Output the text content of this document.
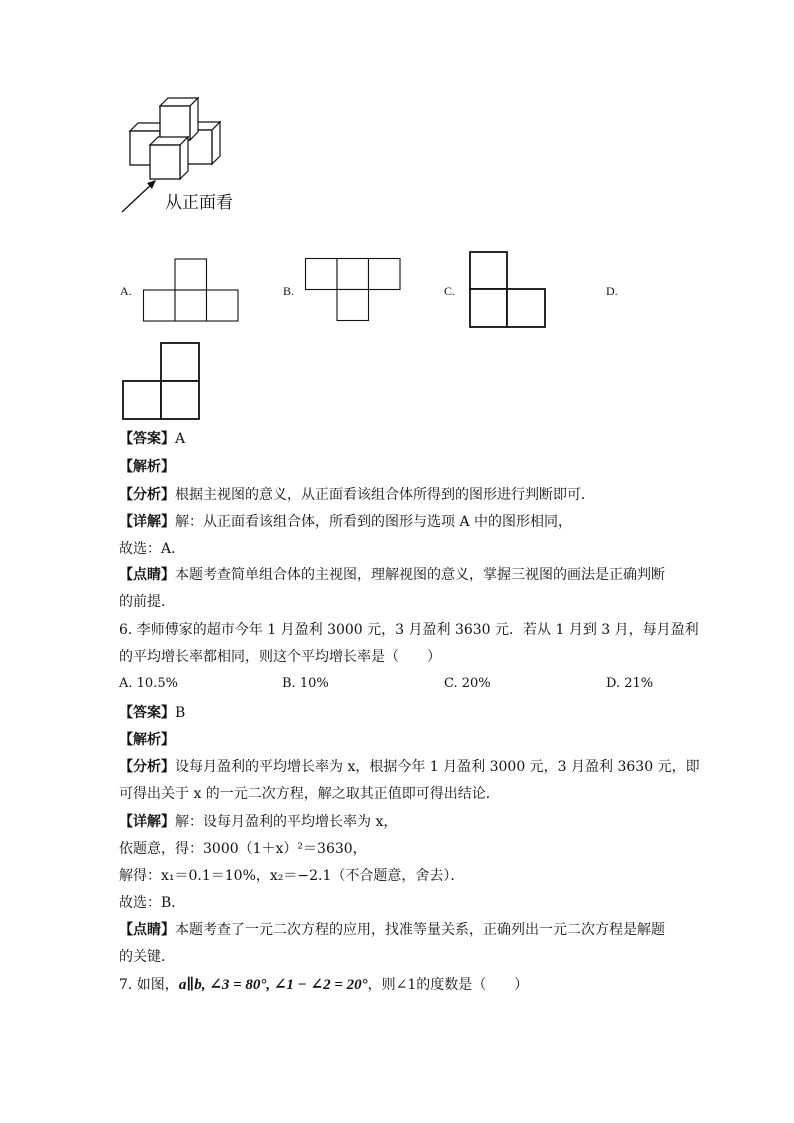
从正面看
A.	B.	C.	D.
【答案】A
【解析】
【分析】根据主视图的意义，从正面看该组合体所得到的图形进行判断即可．
【详解】解：从正面看该组合体，所看到的图形与选项 A 中的图形相同，
故选：A．
【点睛】本题考查简单组合体的主视图，理解视图的意义，掌握三视图的画法是正确判断
的前提．
6. 李师傅家的超市今年 1 月盈利 3000 元，3 月盈利 3630 元．若从 1 月到 3 月，每月盈利
的平均增长率都相同，则这个平均增长率是（　　）
A. 10.5%	B. 10%	C. 20%	D. 21%
【答案】B
【解析】
【分析】设每月盈利的平均增长率为 x，根据今年 1 月盈利 3000 元，3 月盈利 3630 元，即
可得出关于 x 的一元二次方程，解之取其正值即可得出结论．
【详解】解：设每月盈利的平均增长率为 x，
依题意，得：3000（1＋x）²＝3630，
解得：x₁＝0.1＝10%，x₂＝−2.1（不合题意，舍去）．
故选：B．
【点睛】本题考查了一元二次方程的应用，找准等量关系，正确列出一元二次方程是解题
的关键．
7. 如图，a∥b, ∠3 = 80°, ∠1 − ∠2 = 20°，则∠1的度数是（　　）
